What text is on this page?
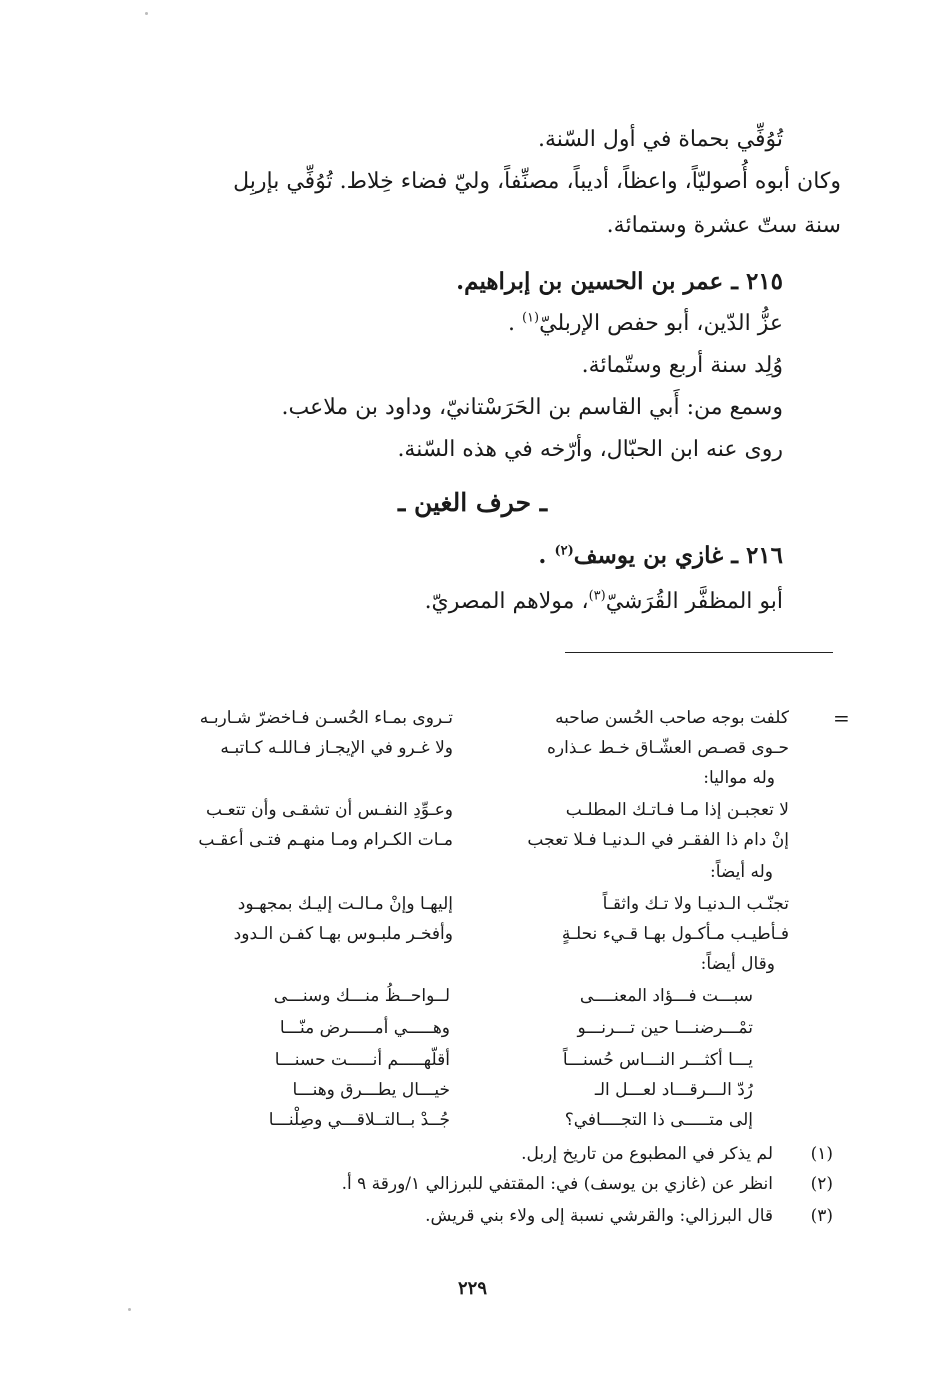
تُوُفِّي بحماة في أول السّنة.
وكان أبوه أُصوليّاً، واعظاً، أديباً، مصنِّفاً، وليّ فضاء خِلاط. تُوُفِّي بإربِل
سنة ستّ عشرة وستمائة.
٢١٥ ـ عمر بن الحسين بن إبراهيم.
عزُّ الدّين، أبو حفص الإربليّ$^{(١)}$ .
وُلِد سنة أربع وستّمائة.
وسمع من: أَبي القاسم بن الحَرَسْتانيّ، وداود بن ملاعب.
روى عنه ابن الحبّال، وأرّخه في هذه السّنة.
ـ حرف الغين ـ
٢١٦ ـ غازي بن يوسف$^{(٢)}$ .
أبو المظفَّر القُرَشيّ$^{(٣)}$، مولاهم المصريّ.
=
كلفت بوجه صاحب الحُسن صاحبه
تـروى بمـاء الحُسـن فـاخضرّ شـاربـه
حـوى قصـص العشّـاق خـط عـذاره
ولا غـرو في الإيجـاز فـاللـه كـاتبـه
وله مواليا:
لا تعجبـن إذا مـا فـاتـك المطلـب
وعـوِّدِ النفـس أن تشقـى وأن تتعـب
إنْ دام ذا الفقـر في الـدنيـا فـلا تعجب
مـات الكـرام ومـا منهـم فتـى أعقـب
وله أيضاً:
تجنّـب الـدنيـا ولا تـك واثقـاً
إليهـا وإنْ مـالـت إليـك بمجهـود
فـأطيـب مـأكـول بهـا قـيء نحلـةٍ
وأفخـر ملبـوس بهـا كفـن الـدود
وقال أيضاً:
سبـــت فـــؤاد المعنــــى
لــواحــظُ منـــك وسنـــى
تمْـــرضنـــا حين تـــرنـــو
وهـــــي أمـــــرض منّـــا
يـــا أكثـــر النـــاس حُسنـــاً
أقلّهـــــم أنـــــت حسنـــا
رُدّ الـــرقـــاد لعـــل الـ
خيـــال يطـــرق وهنـــا
إلى متـــــى ذا التجــــافي؟
جُــدْ بــالتــلاقـــي وصِلْنـــا
(١)
لم يذكر في المطبوع من تاريخ إربل.
(٢)
انظر عن (غازي بن يوسف) في: المقتفي للبرزالي ١/ورقة ٩ أ.
(٣)
قال البرزالي: والقرشي نسبة إلى ولاء بني قريش.
٢٢٩
